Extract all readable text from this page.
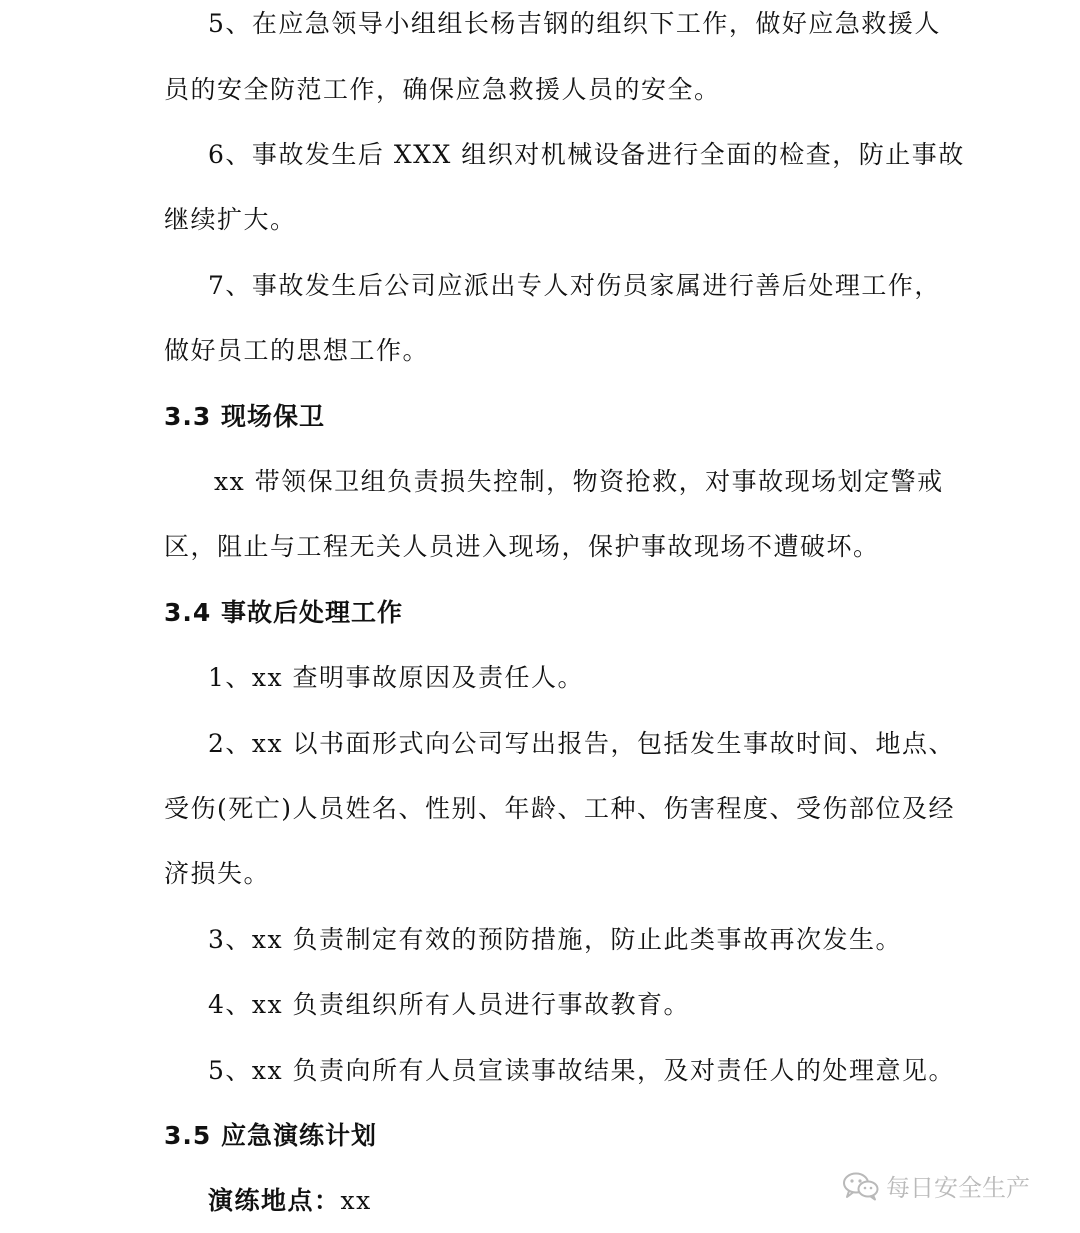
5、在应急领导小组组长杨吉钢的组织下工作，做好应急救援人
员的安全防范工作，确保应急救援人员的安全。
6、事故发生后 XXX 组织对机械设备进行全面的检查，防止事故
继续扩大。
7、事故发生后公司应派出专人对伤员家属进行善后处理工作，
做好员工的思想工作。
3.3 现场保卫
xx 带领保卫组负责损失控制，物资抢救，对事故现场划定警戒
区，阻止与工程无关人员进入现场，保护事故现场不遭破坏。
3.4 事故后处理工作
1、xx 查明事故原因及责任人。
2、xx 以书面形式向公司写出报告，包括发生事故时间、地点、
受伤(死亡)人员姓名、性别、年龄、工种、伤害程度、受伤部位及经
济损失。
3、xx 负责制定有效的预防措施，防止此类事故再次发生。
4、xx 负责组织所有人员进行事故教育。
5、xx 负责向所有人员宣读事故结果，及对责任人的处理意见。
3.5 应急演练计划
演练地点：xx	每日安全生产
